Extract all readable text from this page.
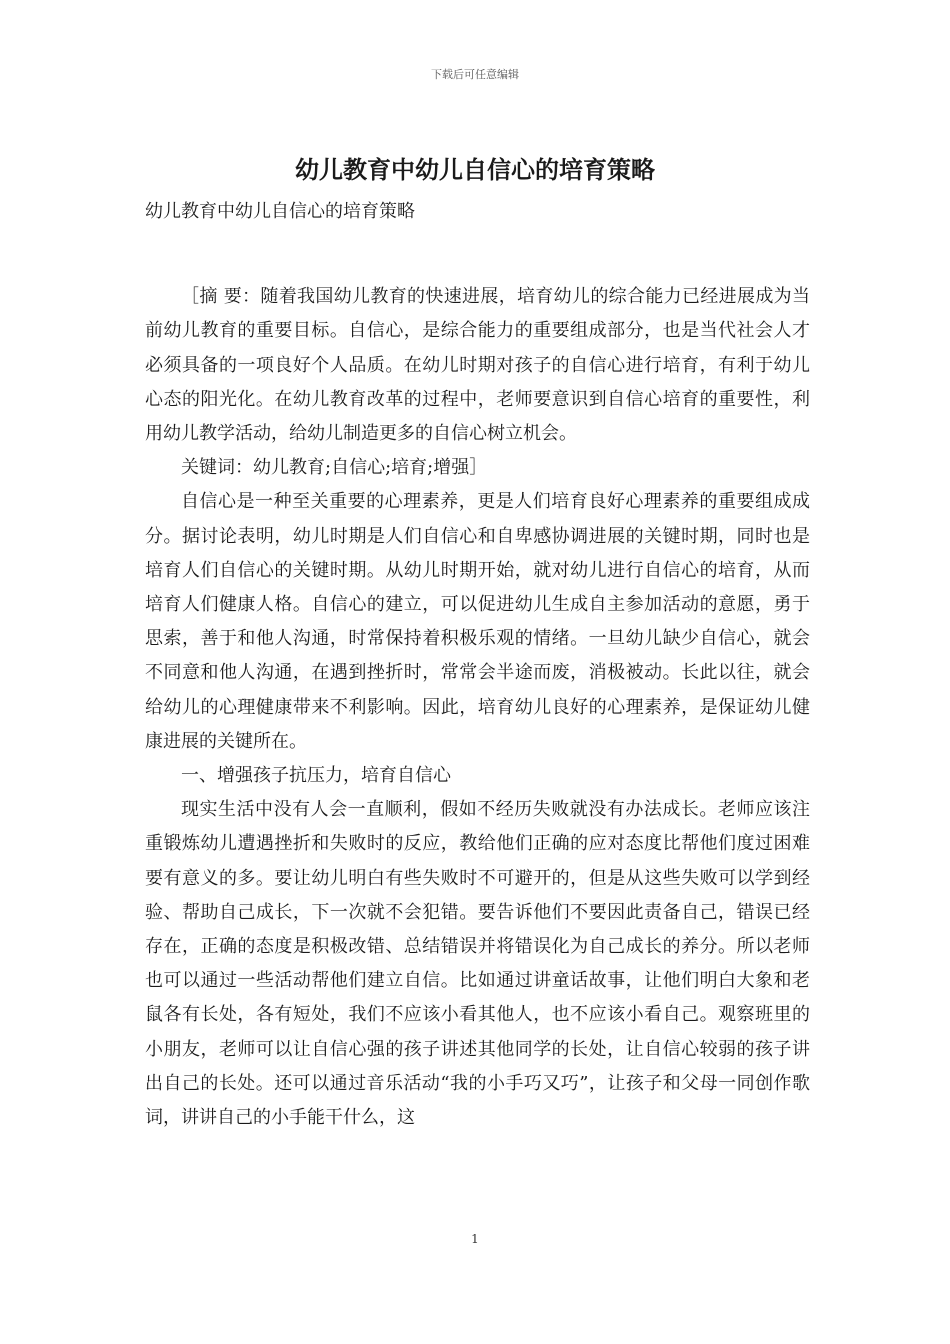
下载后可任意编辑
幼儿教育中幼儿自信心的培育策略

幼儿教育中幼儿自信心的培育策略

［摘 要：随着我国幼儿教育的快速进展，培育幼儿的综合能力已经进展成为当前幼儿教育的重要目标。自信心，是综合能力的重要组成部分，也是当代社会人才必须具备的一项良好个人品质。在幼儿时期对孩子的自信心进行培育，有利于幼儿心态的阳光化。在幼儿教育改革的过程中，老师要意识到自信心培育的重要性，利用幼儿教学活动，给幼儿制造更多的自信心树立机会。

关键词：幼儿教育;自信心;培育;增强］

自信心是一种至关重要的心理素养，更是人们培育良好心理素养的重要组成成分。据讨论表明，幼儿时期是人们自信心和自卑感协调进展的关键时期，同时也是培育人们自信心的关键时期。从幼儿时期开始，就对幼儿进行自信心的培育，从而培育人们健康人格。自信心的建立，可以促进幼儿生成自主参加活动的意愿，勇于思索，善于和他人沟通，时常保持着积极乐观的情绪。一旦幼儿缺少自信心，就会不同意和他人沟通，在遇到挫折时，常常会半途而废，消极被动。长此以往，就会给幼儿的心理健康带来不利影响。因此，培育幼儿良好的心理素养，是保证幼儿健康进展的关键所在。

一、增强孩子抗压力，培育自信心

现实生活中没有人会一直顺利，假如不经历失败就没有办法成长。老师应该注重锻炼幼儿遭遇挫折和失败时的反应，教给他们正确的应对态度比帮他们度过困难要有意义的多。要让幼儿明白有些失败时不可避开的，但是从这些失败可以学到经验、帮助自己成长，下一次就不会犯错。要告诉他们不要因此责备自己，错误已经存在，正确的态度是积极改错、总结错误并将错误化为自己成长的养分。所以老师也可以通过一些活动帮他们建立自信。比如通过讲童话故事，让他们明白大象和老鼠各有长处，各有短处，我们不应该小看其他人，也不应该小看自己。观察班里的小朋友，老师可以让自信心强的孩子讲述其他同学的长处，让自信心较弱的孩子讲出自己的长处。还可以通过音乐活动“我的小手巧又巧”，让孩子和父母一同创作歌词，讲讲自己的小手能干什么，这

1
